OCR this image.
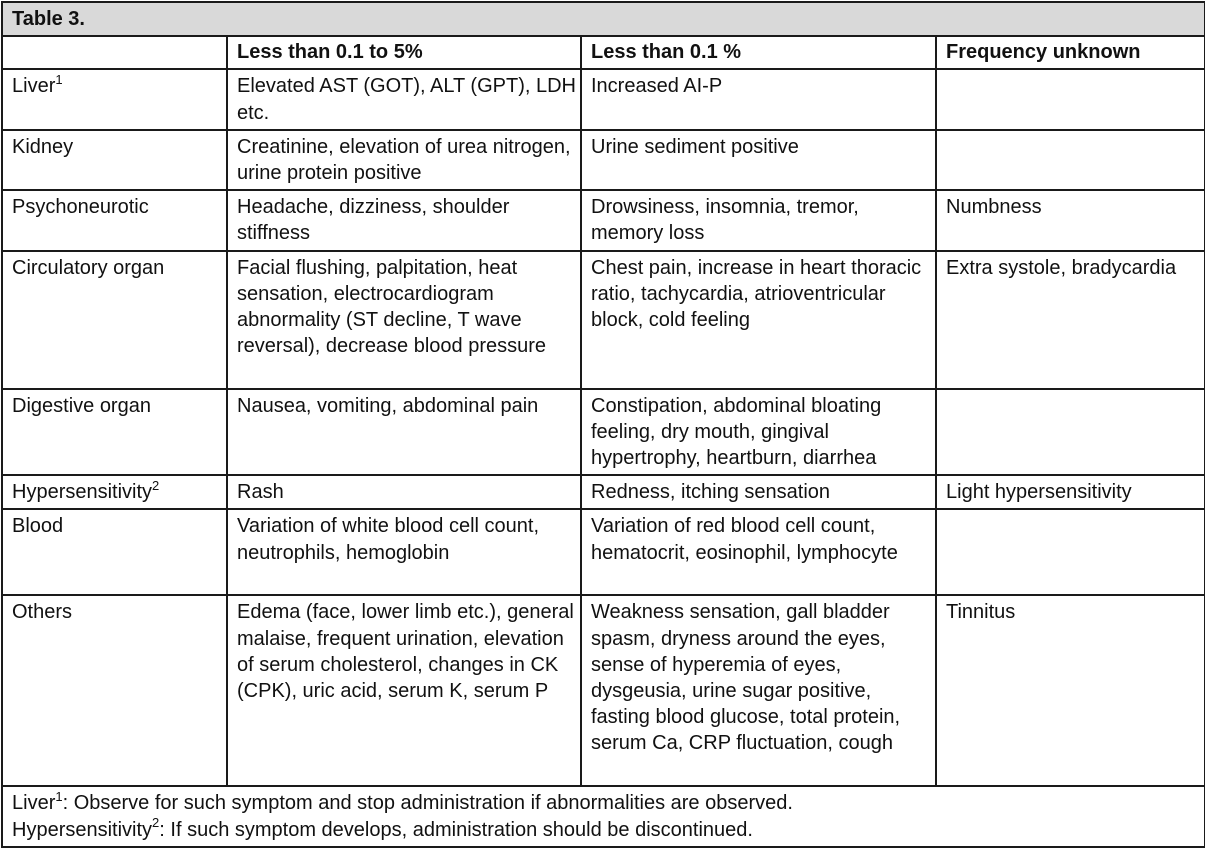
Table 3.			
	Less than 0.1 to 5%	Less than 0.1 %	Frequency unknown
Liver$^1$	Elevated AST (GOT), ALT (GPT), LDH etc.	Increased AI-P	
Kidney	Creatinine, elevation of urea nitrogen, urine protein positive	Urine sediment positive	
Psychoneurotic	Headache, dizziness, shoulder stiffness	Drowsiness, insomnia, tremor, memory loss	Numbness
Circulatory organ	Facial flushing, palpitation, heat sensation, electrocardiogram abnormality (ST decline, T wave reversal), decrease blood pressure	Chest pain, increase in heart thoracic ratio, tachycardia, atrioventricular block, cold feeling	Extra systole, bradycardia
Digestive organ	Nausea, vomiting, abdominal pain	Constipation, abdominal bloating feeling, dry mouth, gingival hypertrophy, heartburn, diarrhea	
Hypersensitivity$^2$	Rash	Redness, itching sensation	Light hypersensitivity
Blood	Variation of white blood cell count, neutrophils, hemoglobin	Variation of red blood cell count, hematocrit, eosinophil, lymphocyte	
Others	Edema (face, lower limb etc.), general malaise, frequent urination, elevation of serum cholesterol, changes in CK (CPK), uric acid, serum K, serum P	Weakness sensation, gall bladder spasm, dryness around the eyes, sense of hyperemia of eyes, dysgeusia, urine sugar positive, fasting blood glucose, total protein, serum Ca, CRP fluctuation, cough	Tinnitus

Liver$^1$: Observe for such symptom and stop administration if abnormalities are observed.
Hypersensitivity$^2$: If such symptom develops, administration should be discontinued.			
